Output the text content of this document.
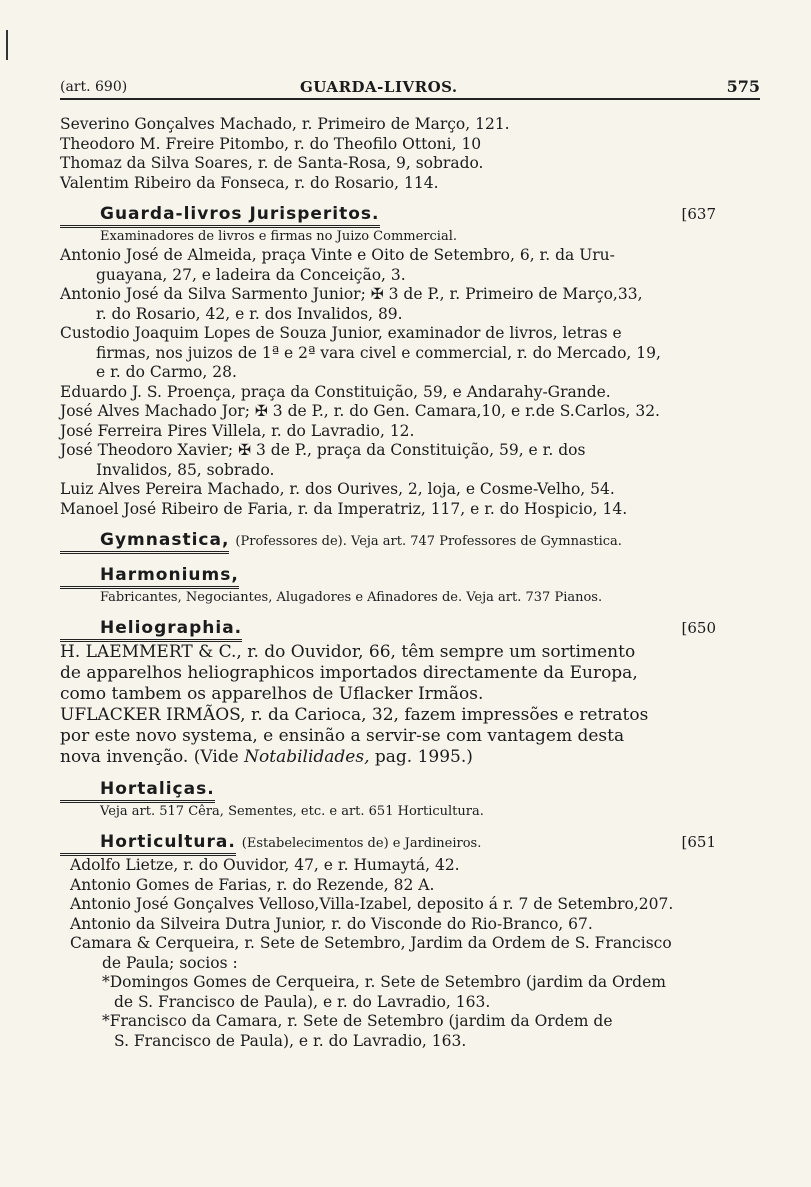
(art. 690)	GUARDA-LIVROS.	575
Severino Gonçalves Machado, r. Primeiro de Março, 121.
Theodoro M. Freire Pitombo, r. do Theofilo Ottoni, 10
Thomaz da Silva Soares, r. de Santa-Rosa, 9, sobrado.
Valentim Ribeiro da Fonseca, r. do Rosario, 114.
Guarda-livros Jurisperitos.	[637
Examinadores de livros e firmas no Juizo Commercial.
Antonio José de Almeida, praça Vinte e Oito de Setembro, 6, r. da Uru-
guayana, 27, e ladeira da Conceição, 3.
Antonio José da Silva Sarmento Junior; ✠ 3 de P., r. Primeiro de Março,33,
r. do Rosario, 42, e r. dos Invalidos, 89.
Custodio Joaquim Lopes de Souza Junior, examinador de livros, letras e
firmas, nos juizos de 1ª e 2ª vara civel e commercial, r. do Mercado, 19,
e r. do Carmo, 28.
Eduardo J. S. Proença, praça da Constituição, 59, e Andarahy-Grande.
José Alves Machado Jor; ✠ 3 de P., r. do Gen. Camara,10, e r.de S.Carlos, 32.
José Ferreira Pires Villela, r. do Lavradio, 12.
José Theodoro Xavier; ✠ 3 de P., praça da Constituição, 59, e r. dos
Invalidos, 85, sobrado.
Luiz Alves Pereira Machado, r. dos Ourives, 2, loja, e Cosme-Velho, 54.
Manoel José Ribeiro de Faria, r. da Imperatriz, 117, e r. do Hospicio, 14.
Gymnastica, (Professores de). Veja art. 747 Professores de Gymnastica.
Harmoniums,
Fabricantes, Negociantes, Alugadores e Afinadores de. Veja art. 737 Pianos.
Heliographia.	[650
H. LAEMMERT & C., r. do Ouvidor, 66, têm sempre um sortimento
de apparelhos heliographicos importados directamente da Europa,
como tambem os apparelhos de Uflacker Irmãos.
UFLACKER IRMÃOS, r. da Carioca, 32, fazem impressões e retratos
por este novo systema, e ensinão a servir-se com vantagem desta
nova invenção. (Vide Notabilidades, pag. 1995.)
Hortaliças.
Veja art. 517 Cêra, Sementes, etc. e art. 651 Horticultura.
Horticultura. (Estabelecimentos de) e Jardineiros.	[651
Adolfo Lietze, r. do Ouvidor, 47, e r. Humaytá, 42.
Antonio Gomes de Farias, r. do Rezende, 82 A.
Antonio José Gonçalves Velloso,Villa-Izabel, deposito á r. 7 de Setembro,207.
Antonio da Silveira Dutra Junior, r. do Visconde do Rio-Branco, 67.
Camara & Cerqueira, r. Sete de Setembro, Jardim da Ordem de S. Francisco
de Paula; socios :
*Domingos Gomes de Cerqueira, r. Sete de Setembro (jardim da Ordem
de S. Francisco de Paula), e r. do Lavradio, 163.
*Francisco da Camara, r. Sete de Setembro (jardim da Ordem de
S. Francisco de Paula), e r. do Lavradio, 163.
